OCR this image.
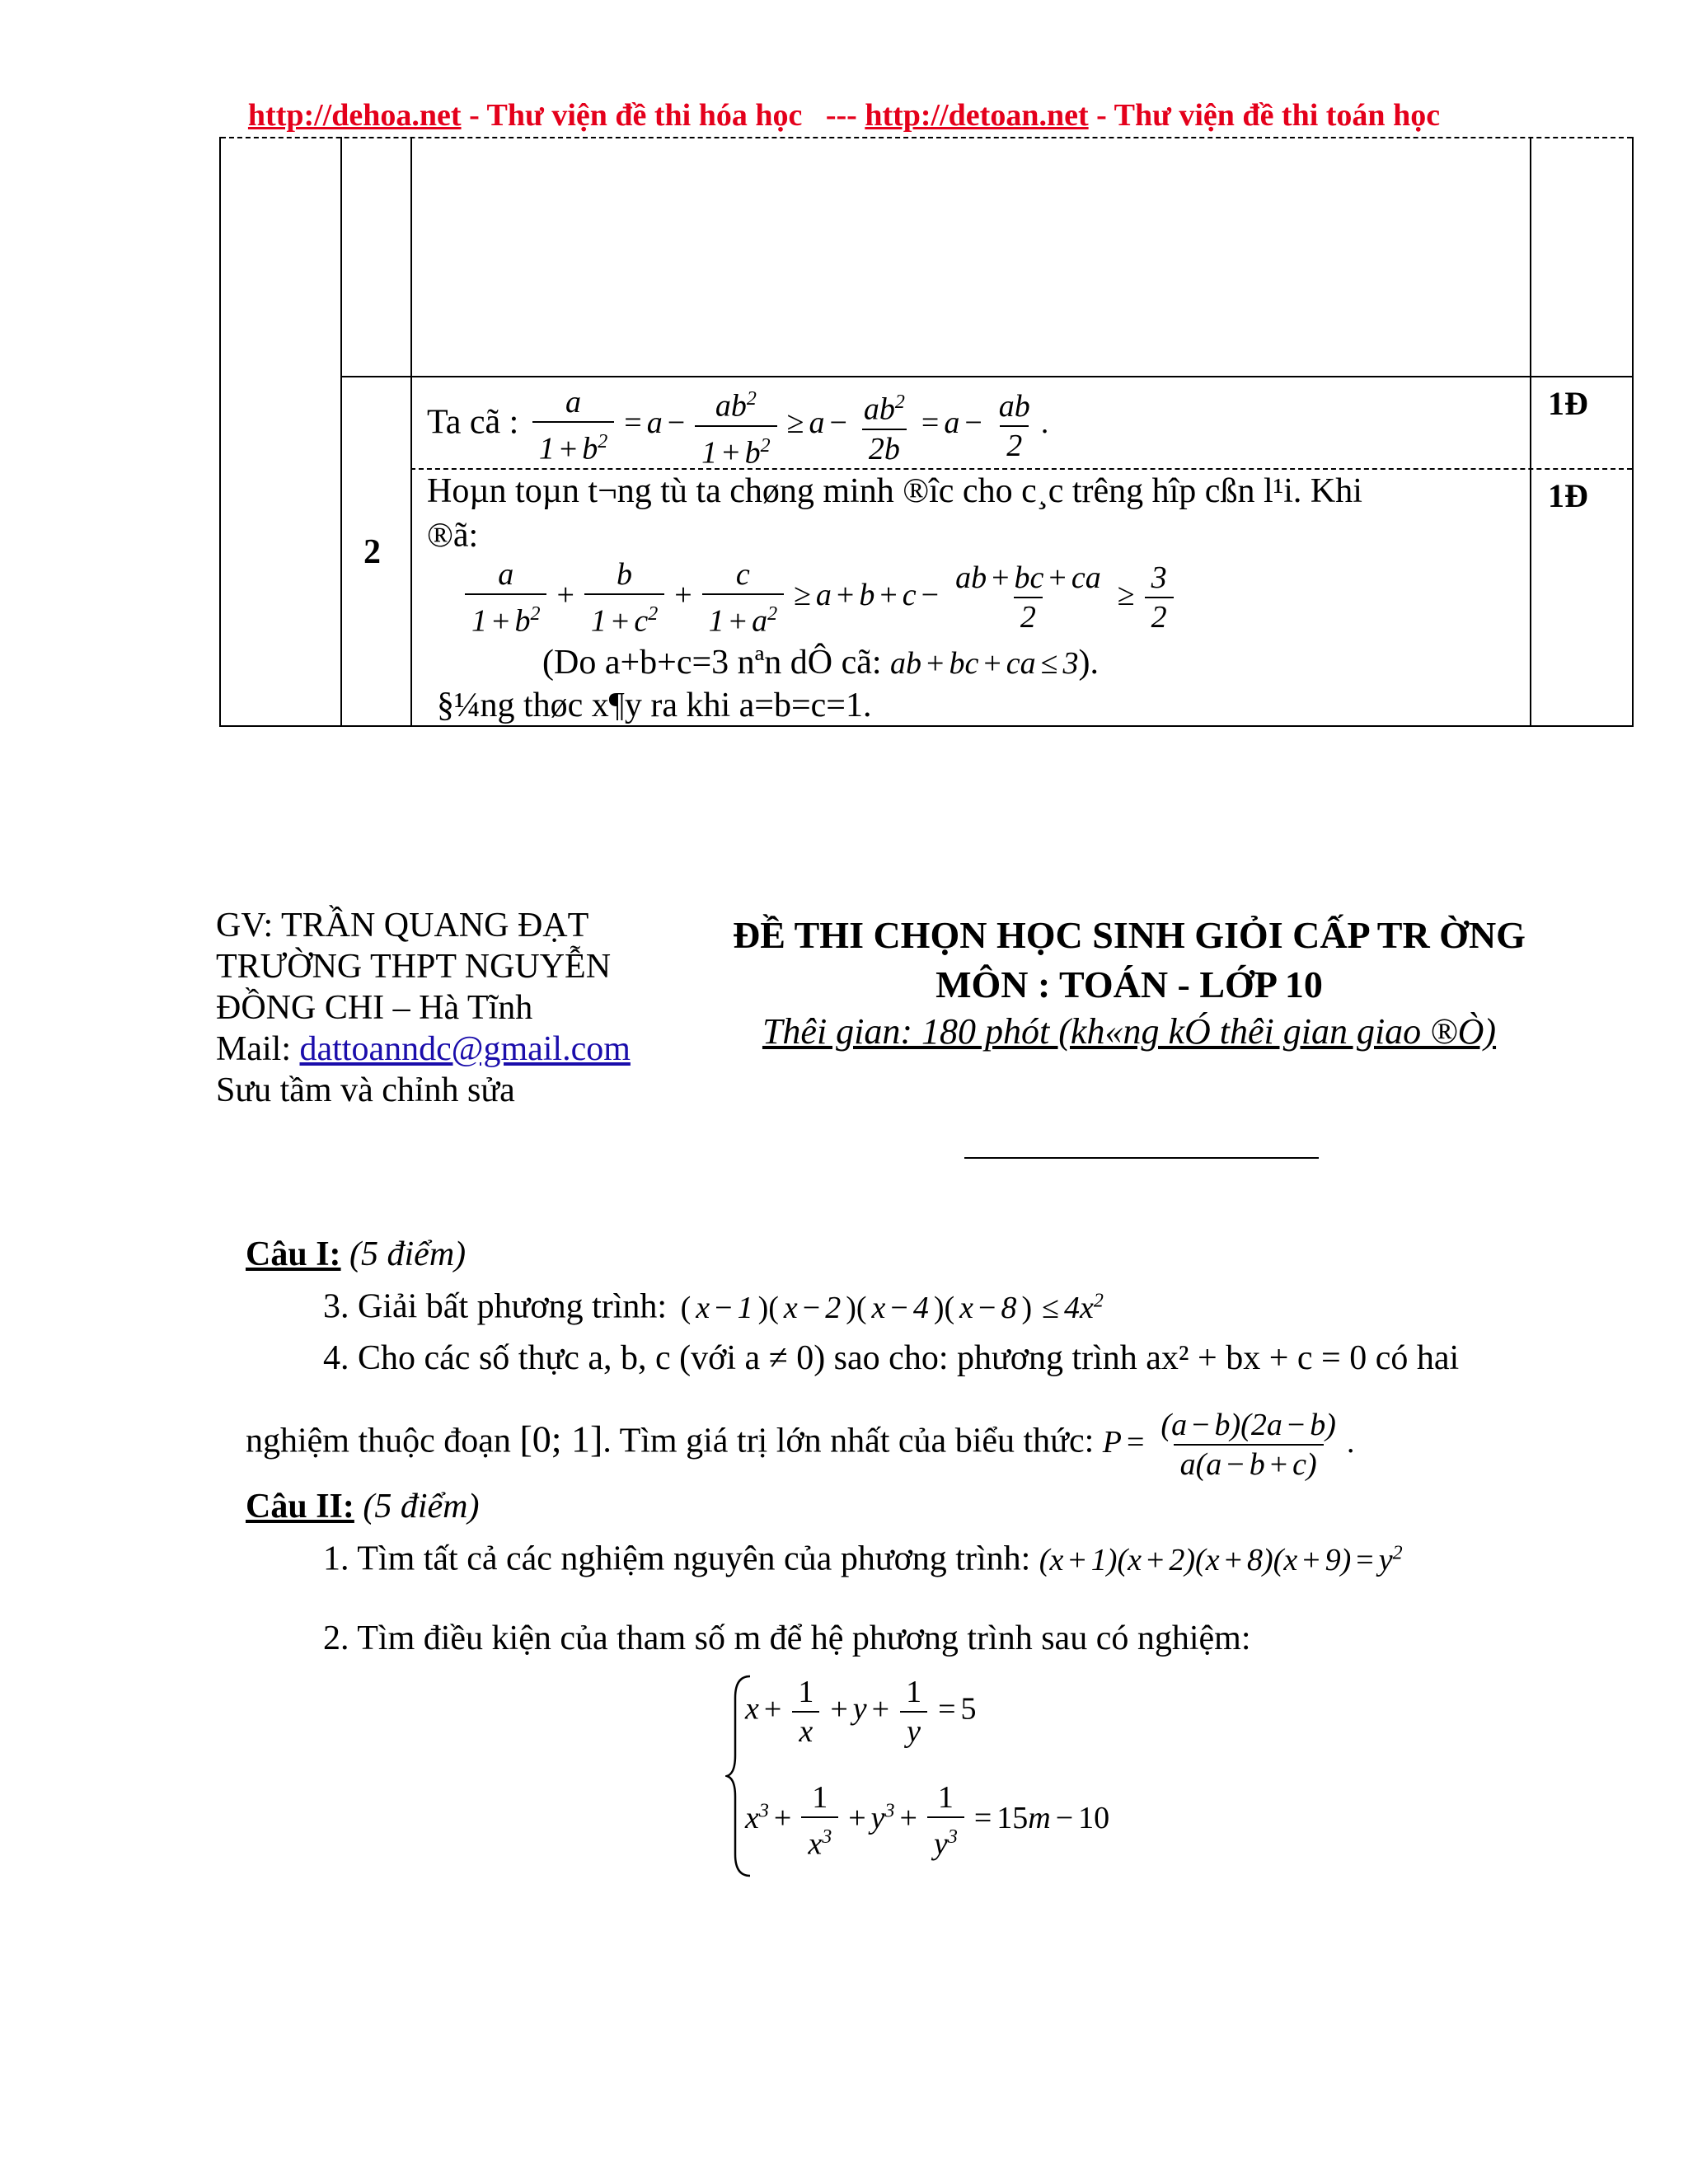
http://dehoa.net - Thư viện đề thi hóa học   --- http://detoan.net - Thư viện đề thi toán học
2
Ta cã : $\frac{a}{1 + b^2} = a - \frac{ab^2}{1 + b^2} \ge a - \frac{ab^2}{2b} = a - \frac{ab}{2}$ .
1Đ
Hoµn toµn t¬ng tù ta chøng minh ®îc cho c¸c trêng hîp cßn l¹i. Khi
®ã:
1Đ
$\frac{a}{1 + b^2} + \frac{b}{1 + c^2} + \frac{c}{1 + a^2} \ge a + b + c - \frac{ab + bc + ca}{2} \ge \frac{3}{2}$
(Do a+b+c=3 nªn dÔ cã: ab + bc + ca ≤ 3).
§¼ng thøc x¶y ra khi a=b=c=1.
GV: TRẦN QUANG ĐẠT
TRƯỜNG THPT NGUYỄN
ĐỒNG CHI – Hà Tĩnh
Mail: dattoanndc@gmail.com
Sưu tầm và chỉnh sửa
ĐỀ THI CHỌN HỌC SINH GIỎI CẤP TR ỜNG
MÔN : TOÁN - LỚP 10
Thêi gian: 180 phót (kh«ng kÓ thêi gian giao ®Ò)
Câu I: (5 điểm)
3. Giải bất phương trình: ( x − 1 )( x − 2 )( x − 4 )( x − 8 ) ≤ $4x^2$
4. Cho các số thực a, b, c (với a ≠ 0) sao cho: phương trình ax² + bx + c = 0 có hai
nghiệm thuộc đoạn [0; 1]. Tìm giá trị lớn nhất của biểu thức: $P = \frac{(a - b)(2a - b)}{a(a - b + c)}$ .
Câu II: (5 điểm)
1. Tìm tất cả các nghiệm nguyên của phương trình: $(x + 1)(x + 2)(x + 8)(x + 9) = y^2$
2. Tìm điều kiện của tham số m để hệ phương trình sau có nghiệm:
$x + \frac{1}{x} + y + \frac{1}{y} = 5$
$x^3 + \frac{1}{x^3} + y^3 + \frac{1}{y^3} = 15m - 10$
